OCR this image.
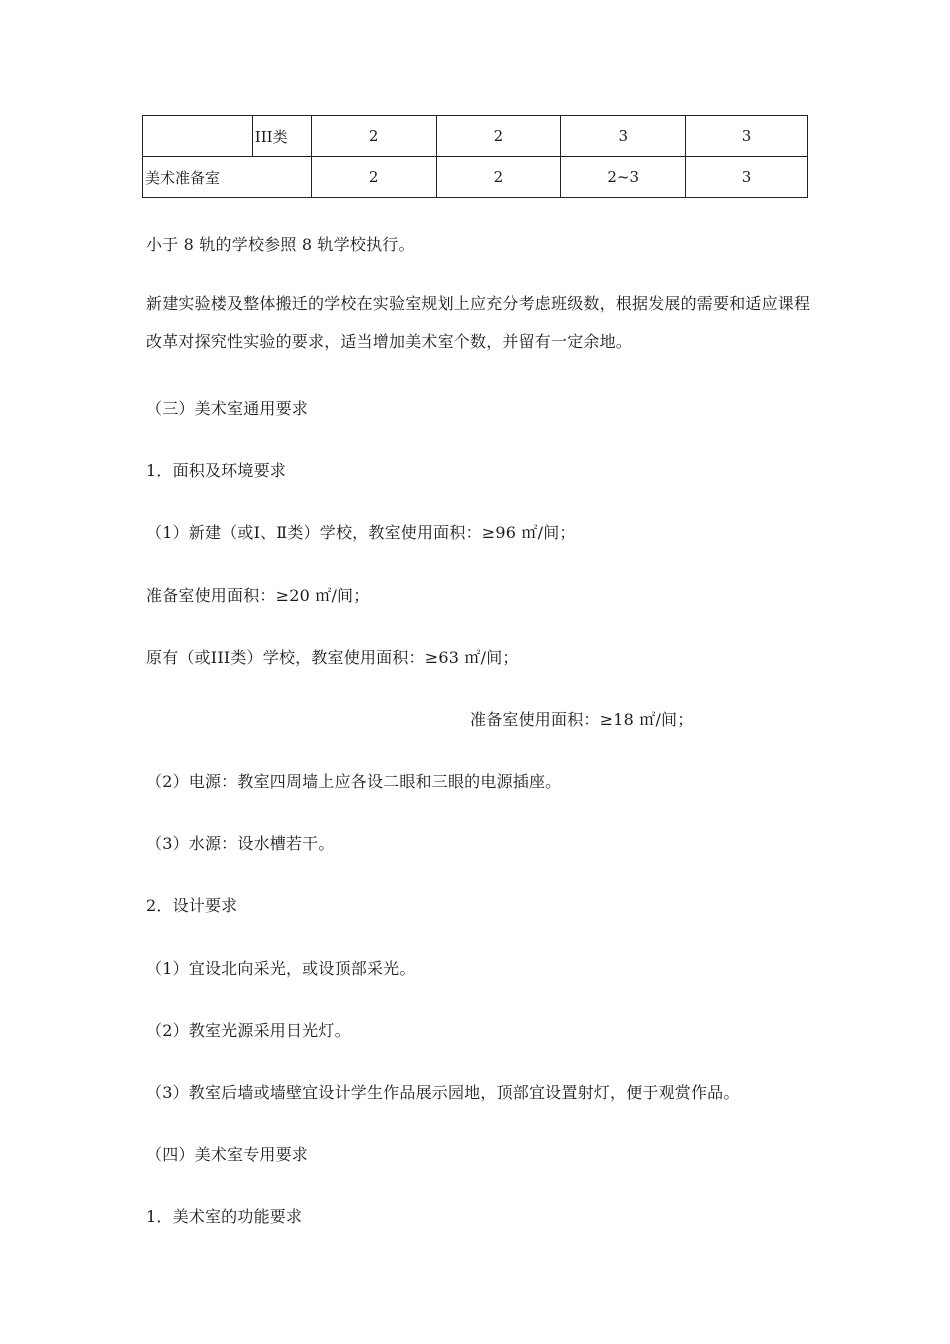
	III类	2	2	3	3
美术准备室		2	2	2~3	3
小于 8 轨的学校参照 8 轨学校执行。
新建实验楼及整体搬迁的学校在实验室规划上应充分考虑班级数，根据发展的需要和适应课程改革对探究性实验的要求，适当增加美术室个数，并留有一定余地。
（三）美术室通用要求
1．面积及环境要求
（1）新建（或Ⅰ、Ⅱ类）学校，教室使用面积：≥96 ㎡/间；
准备室使用面积：≥20 ㎡/间；
原有（或III类）学校，教室使用面积：≥63 ㎡/间；
准备室使用面积：≥18 ㎡/间；
（2）电源：教室四周墙上应各设二眼和三眼的电源插座。
（3）水源：设水槽若干。
2．设计要求
（1）宜设北向采光，或设顶部采光。
（2）教室光源采用日光灯。
（3）教室后墙或墙壁宜设计学生作品展示园地，顶部宜设置射灯，便于观赏作品。
（四）美术室专用要求
1．美术室的功能要求
